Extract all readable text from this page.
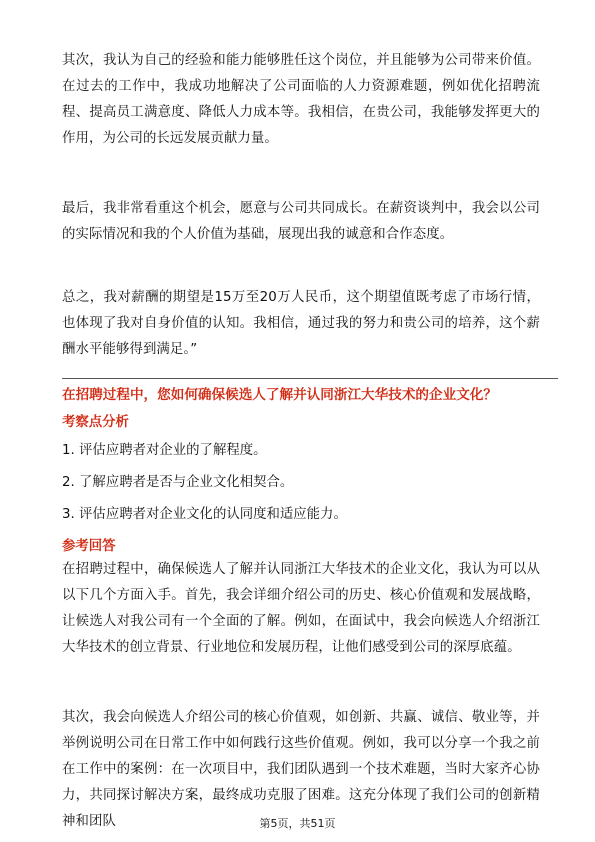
其次，我认为自己的经验和能力能够胜任这个岗位，并且能够为公司带来价值。在过去的工作中，我成功地解决了公司面临的人力资源难题，例如优化招聘流程、提高员工满意度、降低人力成本等。我相信，在贵公司，我能够发挥更大的作用，为公司的长远发展贡献力量。
最后，我非常看重这个机会，愿意与公司共同成长。在薪资谈判中，我会以公司的实际情况和我的个人价值为基础，展现出我的诚意和合作态度。
总之，我对薪酬的期望是15万至20万人民币，这个期望值既考虑了市场行情，也体现了我对自身价值的认知。我相信，通过我的努力和贵公司的培养，这个薪酬水平能够得到满足。”
在招聘过程中，您如何确保候选人了解并认同浙江大华技术的企业文化？
考察点分析
1. 评估应聘者对企业的了解程度。
2. 了解应聘者是否与企业文化相契合。
3. 评估应聘者对企业文化的认同度和适应能力。
参考回答
在招聘过程中，确保候选人了解并认同浙江大华技术的企业文化，我认为可以从以下几个方面入手。首先，我会详细介绍公司的历史、核心价值观和发展战略，让候选人对我公司有一个全面的了解。例如，在面试中，我会向候选人介绍浙江大华技术的创立背景、行业地位和发展历程，让他们感受到公司的深厚底蕴。
其次，我会向候选人介绍公司的核心价值观，如创新、共赢、诚信、敬业等，并举例说明公司在日常工作中如何践行这些价值观。例如，我可以分享一个我之前在工作中的案例：在一次项目中，我们团队遇到一个技术难题，当时大家齐心协力，共同探讨解决方案，最终成功克服了困难。这充分体现了我们公司的创新精神和团队	第5页，共51页
